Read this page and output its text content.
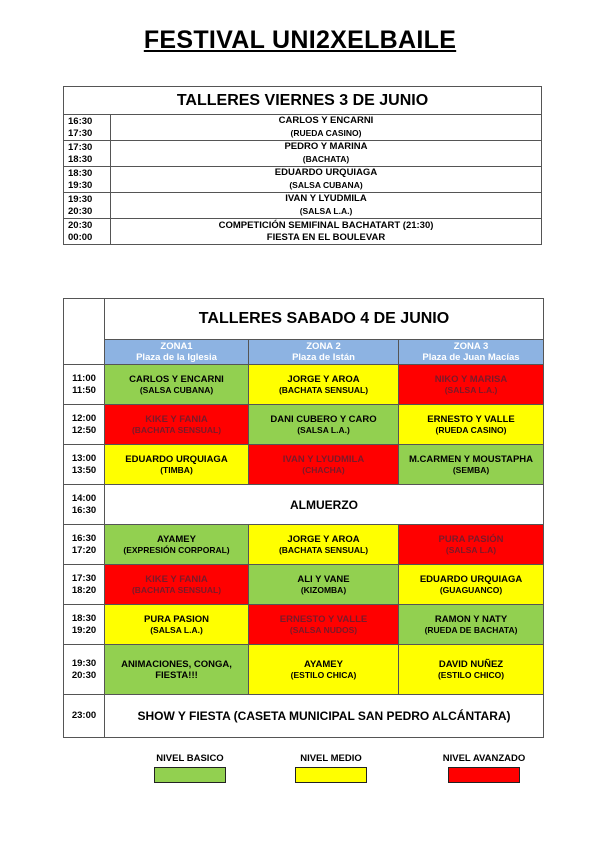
FESTIVAL UNI2XELBAILE
TALLERES VIERNES 3 DE JUNIO	
16:30
17:30	CARLOS Y ENCARNI
(RUEDA CASINO)
17:30
18:30	PEDRO Y MARINA
(BACHATA)
18:30
19:30	EDUARDO URQUIAGA
(SALSA CUBANA)
19:30
20:30	IVAN Y LYUDMILA
(SALSA L.A.)
20:30
00:00	COMPETICIÓN SEMIFINAL BACHATART (21:30)
FIESTA EN EL BOULEVAR
	TALLERES SABADO 4 DE JUNIO		
	ZONA1
Plaza de la Iglesia	ZONA 2
Plaza de Istán	ZONA 3
Plaza de Juan Macías
11:00
11:50	CARLOS Y ENCARNI
(SALSA CUBANA)	JORGE Y AROA
(BACHATA SENSUAL)	NIKO Y MARISA
(SALSA L.A.)
12:00
12:50	KIKE Y FANIA
(BACHATA SENSUAL)	DANI CUBERO Y CARO
(SALSA L.A.)	ERNESTO Y VALLE
(RUEDA CASINO)
13:00
13:50	EDUARDO URQUIAGA
(TIMBA)	IVAN Y LYUDMILA
(CHACHA)	M.CARMEN Y MOUSTAPHA
(SEMBA)
14:00
16:30	ALMUERZO		
16:30
17:20	AYAMEY
(EXPRESIÓN CORPORAL)	JORGE Y AROA
(BACHATA SENSUAL)	PURA PASIÓN
(SALSA L.A)
17:30
18:20	KIKE Y FANIA
(BACHATA SENSUAL)	ALI Y VANE
(KIZOMBA)	EDUARDO URQUIAGA
(GUAGUANCO)
18:30
19:20	PURA PASION
(SALSA L.A.)	ERNESTO Y VALLE
(SALSA NUDOS)	RAMON Y NATY
(RUEDA DE BACHATA)
19:30
20:30	ANIMACIONES, CONGA,
FIESTA!!!	AYAMEY
(ESTILO CHICA)	DAVID NUÑEZ
(ESTILO CHICO)
23:00	SHOW Y FIESTA (CASETA MUNICIPAL SAN PEDRO ALCÁNTARA)		
NIVEL BASICO	NIVEL MEDIO	NIVEL AVANZADO
